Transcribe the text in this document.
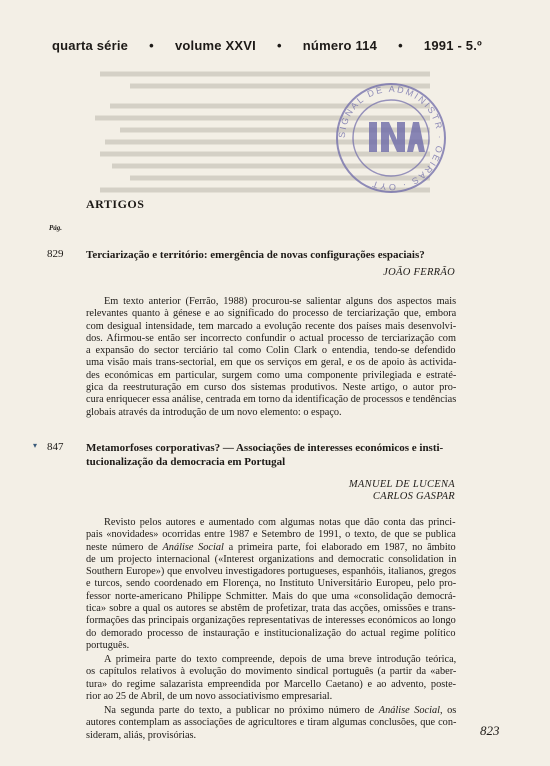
quarta série • volume XXVI • número 114 • 1991 - 5.º
SIGNAL DE ADMINISTR · OEIRAS · OYT
ARTIGOS
Pág.
829 Terciarização e território: emergência de novas configurações espaciais?
JOÃO FERRÃO
Em texto anterior (Ferrão, 1988) procurou-se salientar alguns dos aspectos mais
relevantes quanto à génese e ao significado do processo de terciarização que, embora
com desigual intensidade, tem marcado a evolução recente dos países mais desenvolvi-
dos. Afirmou-se então ser incorrecto confundir o actual processo de terciarização com
a expansão do sector terciário tal como Colin Clark o entendia, tendo-se defendido
uma visão mais trans-sectorial, em que os serviços em geral, e os de apoio às activida-
des económicas em particular, surgem como uma componente privilegiada e estraté-
gica da reestruturação em curso dos sistemas produtivos. Neste artigo, o autor pro-
cura enriquecer essa análise, centrada em torno da identificação de processos e tendências
globais através da introdução de um novo elemento: o espaço.
▾ 847 Metamorfoses corporativas? — Associações de interesses económicos e insti-
tucionalização da democracia em Portugal
MANUEL DE LUCENA
CARLOS GASPAR
Revisto pelos autores e aumentado com algumas notas que dão conta das princi-
pais «novidades» ocorridas entre 1987 e Setembro de 1991, o texto, de que se publica
neste número de Análise Social a primeira parte, foi elaborado em 1987, no âmbito
de um projecto internacional («Interest organizations and democratic consolidation in
Southern Europe») que envolveu investigadores portugueses, espanhóis, italianos, gregos
e turcos, sendo coordenado em Florença, no Instituto Universitário Europeu, pelo pro-
fessor norte-americano Philippe Schmitter. Mais do que uma «consolidação democrá-
tica» sobre a qual os autores se abstêm de profetizar, trata das acções, omissões e trans-
formações das principais organizações representativas de interesses económicos ao longo
do demorado processo de instauração e institucionalização do actual regime político
português.
A primeira parte do texto compreende, depois de uma breve introdução teórica,
os capítulos relativos à evolução do movimento sindical português (a partir da «aber-
tura» do regime salazarista empreendida por Marcello Caetano) e ao advento, poste-
rior ao 25 de Abril, de um novo associativismo empresarial.
Na segunda parte do texto, a publicar no próximo número de Análise Social, os
autores contemplam as associações de agricultores e tiram algumas conclusões, que con-
sideram, aliás, provisórias.	823
